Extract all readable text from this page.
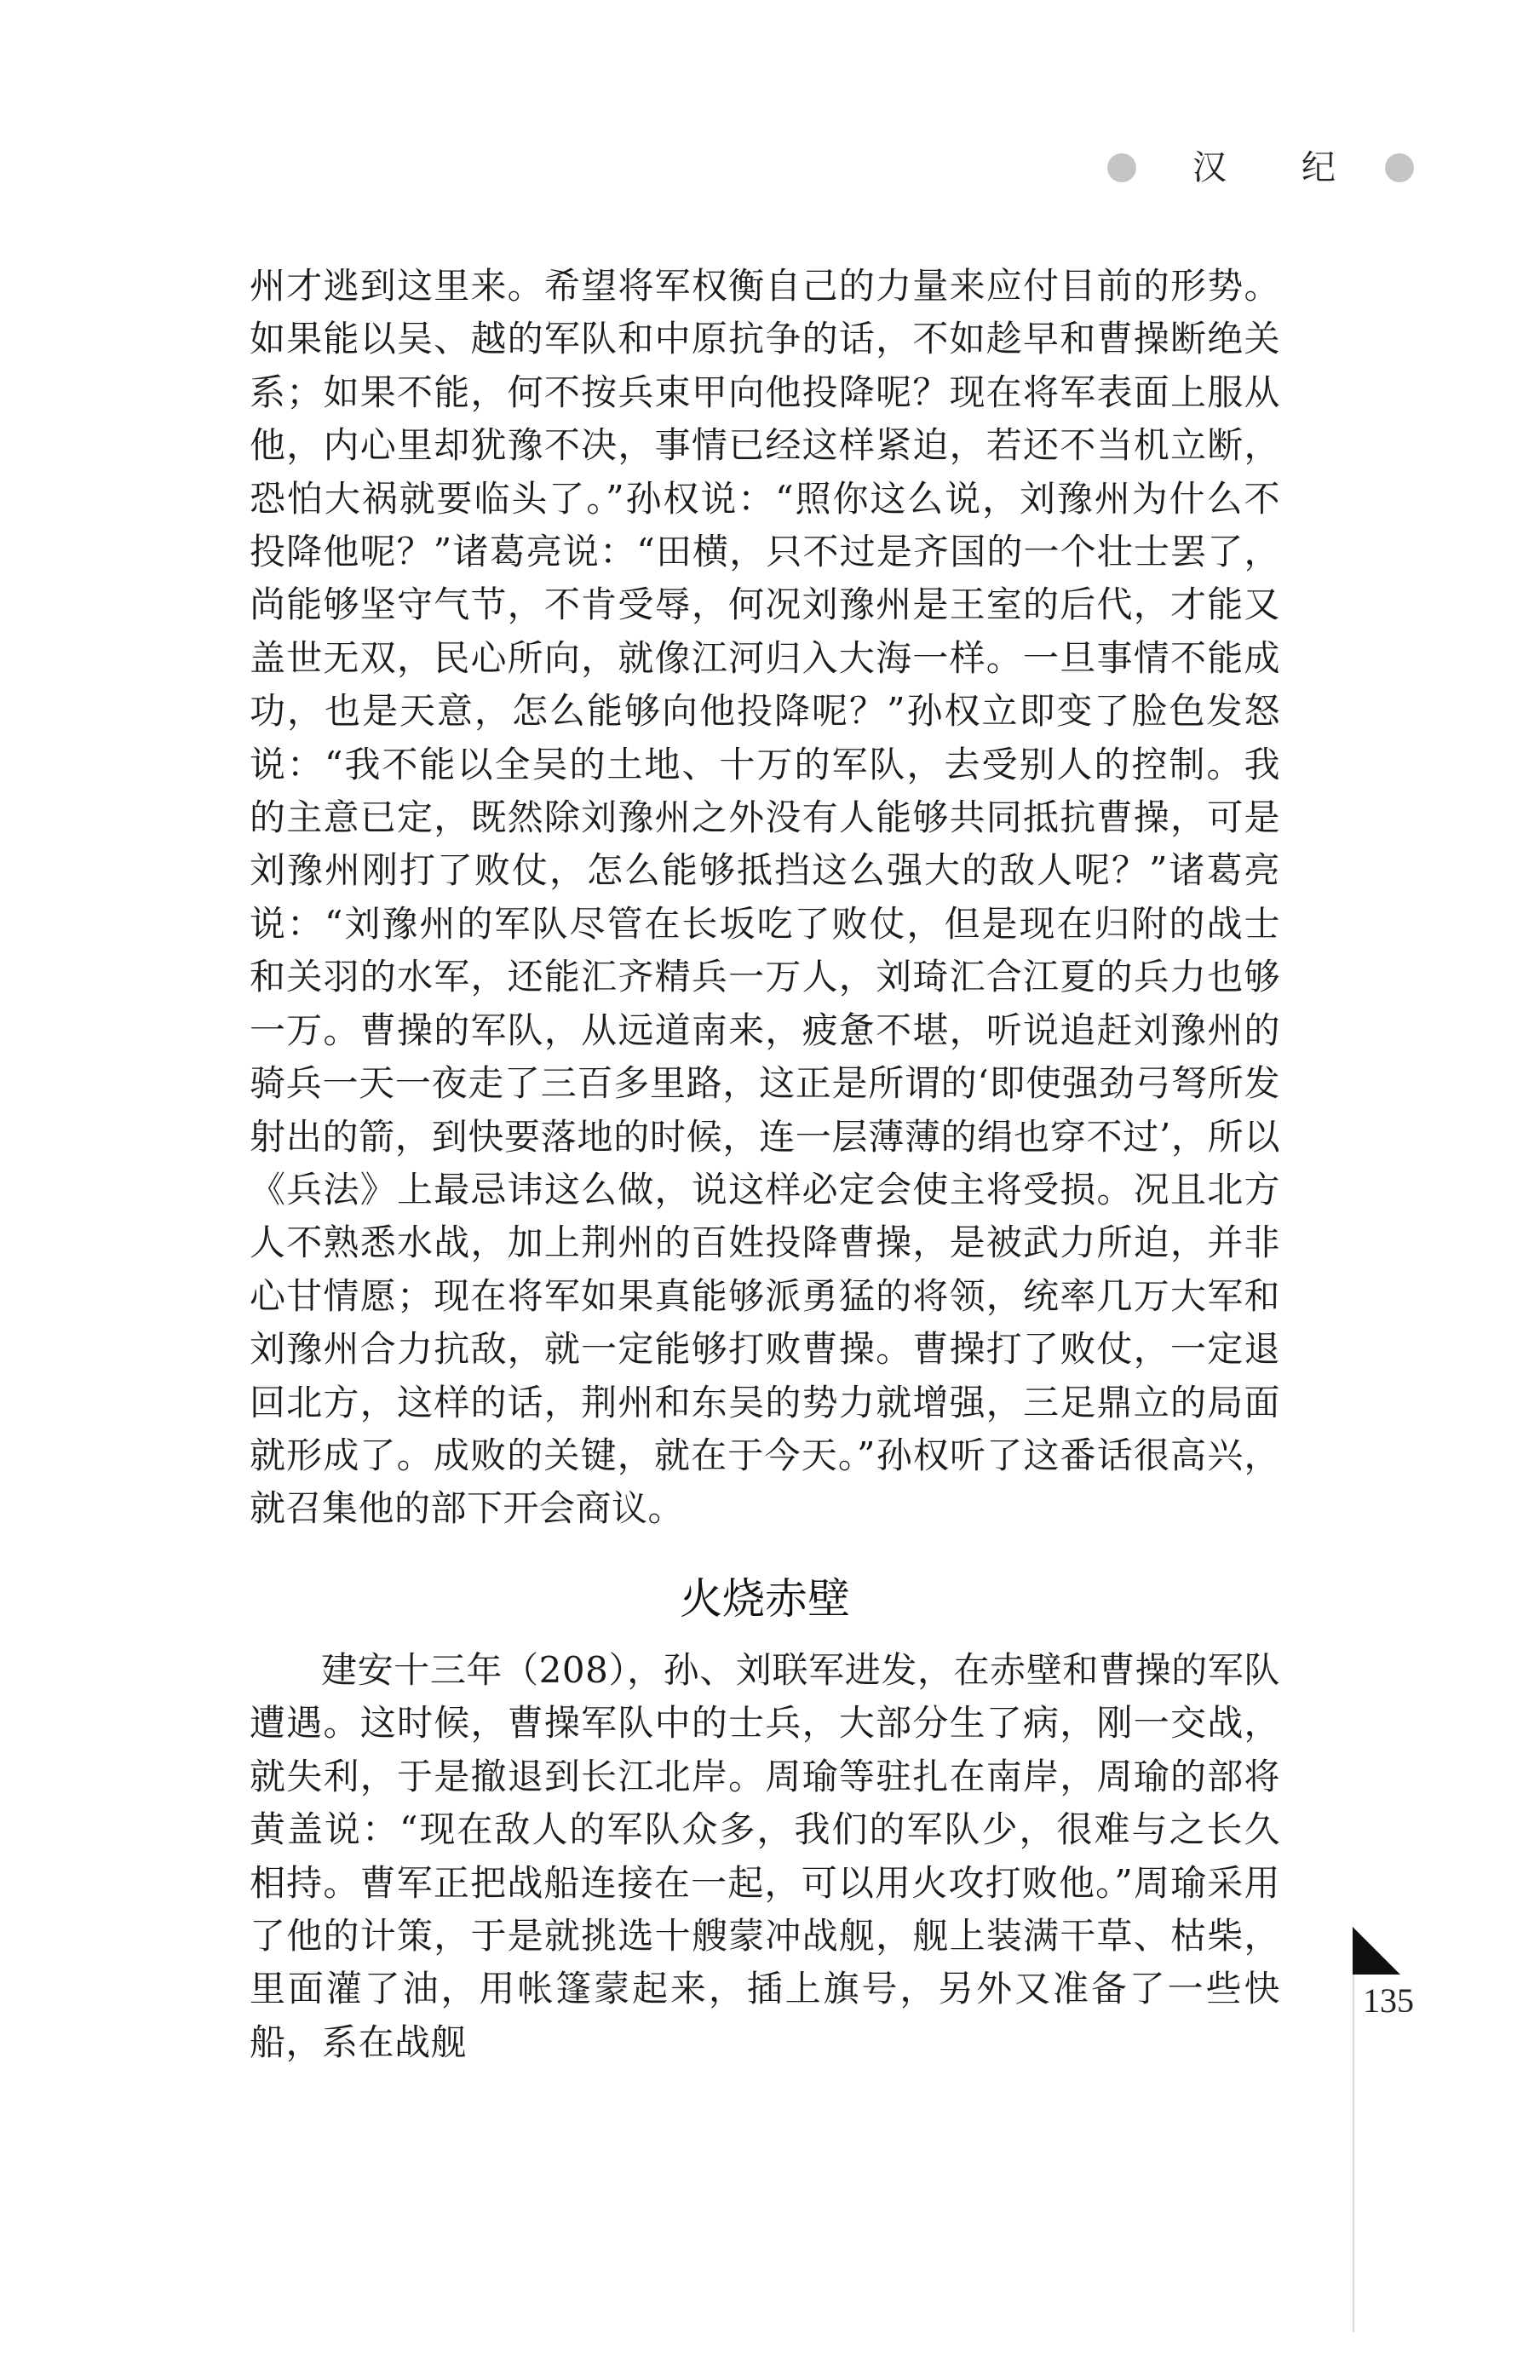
汉 纪

州才逃到这里来。希望将军权衡自己的力量来应付目前的形势。如果能以吴、越的军队和中原抗争的话，不如趁早和曹操断绝关系；如果不能，何不按兵束甲向他投降呢？现在将军表面上服从他，内心里却犹豫不决，事情已经这样紧迫，若还不当机立断，恐怕大祸就要临头了。”孙权说：“照你这么说，刘豫州为什么不投降他呢？”诸葛亮说：“田横，只不过是齐国的一个壮士罢了，尚能够坚守气节，不肯受辱，何况刘豫州是王室的后代，才能又盖世无双，民心所向，就像江河归入大海一样。一旦事情不能成功，也是天意，怎么能够向他投降呢？”孙权立即变了脸色发怒说：“我不能以全吴的土地、十万的军队，去受别人的控制。我的主意已定，既然除刘豫州之外没有人能够共同抵抗曹操，可是刘豫州刚打了败仗，怎么能够抵挡这么强大的敌人呢？”诸葛亮说：“刘豫州的军队尽管在长坂吃了败仗，但是现在归附的战士和关羽的水军，还能汇齐精兵一万人，刘琦汇合江夏的兵力也够一万。曹操的军队，从远道南来，疲惫不堪，听说追赶刘豫州的骑兵一天一夜走了三百多里路，这正是所谓的‘即使强劲弓弩所发射出的箭，到快要落地的时候，连一层薄薄的绢也穿不过’，所以《兵法》上最忌讳这么做，说这样必定会使主将受损。况且北方人不熟悉水战，加上荆州的百姓投降曹操，是被武力所迫，并非心甘情愿；现在将军如果真能够派勇猛的将领，统率几万大军和刘豫州合力抗敌，就一定能够打败曹操。曹操打了败仗，一定退回北方，这样的话，荆州和东吴的势力就增强，三足鼎立的局面就形成了。成败的关键，就在于今天。”孙权听了这番话很高兴，就召集他的部下开会商议。

火烧赤壁

建安十三年（208），孙、刘联军进发，在赤壁和曹操的军队遭遇。这时候，曹操军队中的士兵，大部分生了病，刚一交战，就失利，于是撤退到长江北岸。周瑜等驻扎在南岸，周瑜的部将黄盖说：“现在敌人的军队众多，我们的军队少，很难与之长久相持。曹军正把战船连接在一起，可以用火攻打败他。”周瑜采用了他的计策，于是就挑选十艘蒙冲战舰，舰上装满干草、枯柴，里面灌了油，用帐篷蒙起来，插上旗号，另外又准备了一些快船，系在战舰

135
